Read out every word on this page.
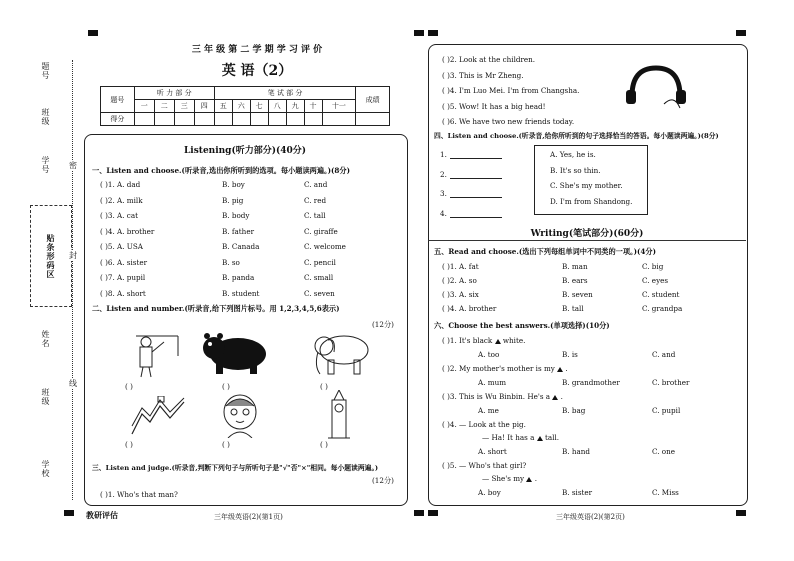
题号
班级
学号
姓名
班级
学校
贴条形码区
密
封
线
三 年 级 第 二 学 期 学 习 评 价
英 语（2）
题号	听 力 部 分				笔 试 部 分							成绩
	一	二	三	四	五	六	七	八	九	十	十一	
得分												
Listening(听力部分)(40分)
一、Listen and choose.(听录音,选出你所听到的选项。每小题读两遍。)(8分)
二、Listen and number.(听录音,给下列图片标号。用 1,2,3,4,5,6表示)
(12分)
( )	( )	( )
( )	( )	( )
三、Listen and judge.(听录音,判断下列句子与所听句子是"√"否"×"相同。每小题读两遍。)
(12分)
( )1. Who's that man?
教研评估	三年级英语(2)(第1页)
四、Listen and choose.(听录音,给你所听到的句子选择恰当的答语。每小题读两遍。)(8分)
Writing(笔试部分)(60分)
五、Read and choose.(选出下列每组单词中不同类的一项。)(4分)
六、Choose the best answers.(单项选择)(10分)
( )1. It's black  white.
A. too	B. is	C. and
( )2. My mother's mother is my  .
A. mum	B. grandmother	C. brother
( )3. This is Wu Binbin. He's a  .
A. me	B. bag	C. pupil
( )4. — Look at the pig.
— Ha! It has a  tall.
A. short	B. hand	C. one
( )5. — Who's that girl?
— She's my  .
A. boy	B. sister	C. Miss
三年级英语(2)(第2页)
( )1. A. dad	B. boy	C. and
( )2. A. milk	B. pig	C. red
( )3. A. cat	B. body	C. tall
( )4. A. brother	B. father	C. giraffe
( )5. A. USA	B. Canada	C. welcome
( )6. A. sister	B. so	C. pencil
( )7. A. pupil	B. panda	C. small
( )8. A. short	B. student	C. seven
( )2. Look at the children.
( )3. This is Mr Zheng.
( )4. I'm Luo Mei. I'm from Changsha.
( )5. Wow! It has a big head!
( )6. We have two new friends today.
1.
2.
3.
4.
A. Yes, he is.
B. It's so thin.
C. She's my mother.
D. I'm from Shandong.
( )1. A. fat	B. man	C. big
( )2. A. so	B. ears	C. eyes
( )3. A. six	B. seven	C. student
( )4. A. brother	B. tall	C. grandpa
